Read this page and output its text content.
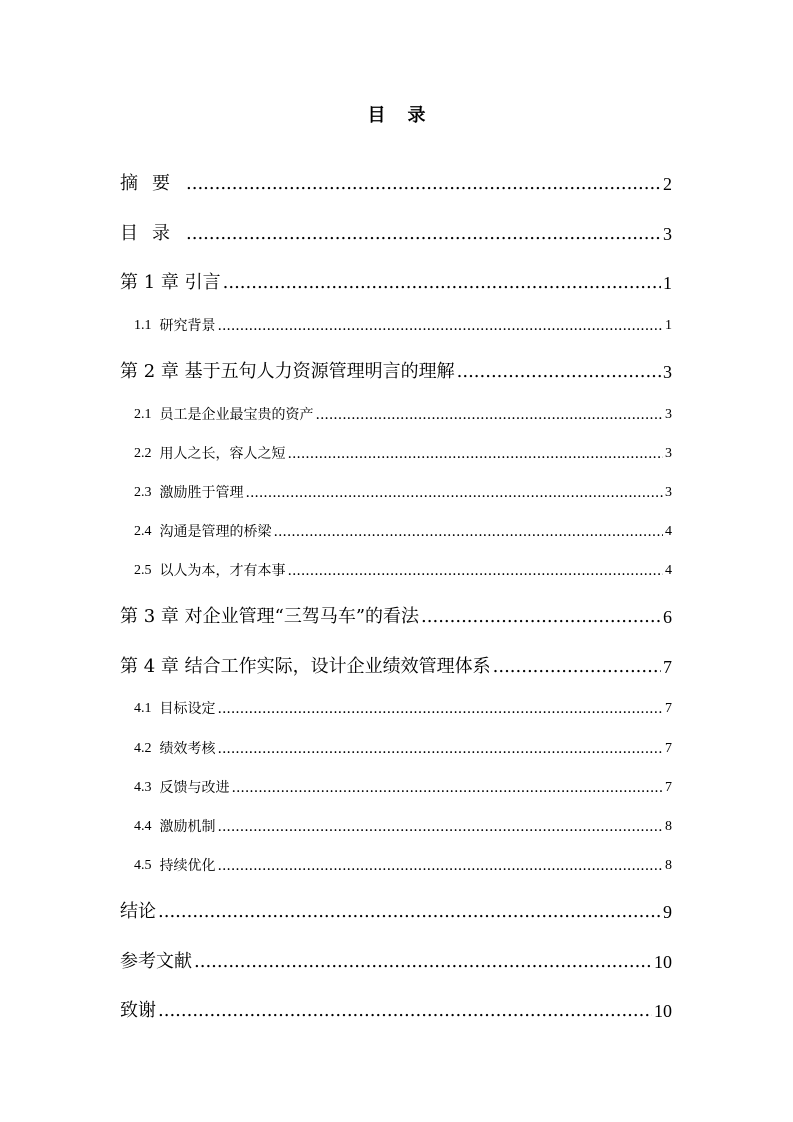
目录
摘要 .....	2
目录 .....	3
第 1 章 引言 .....	1
1.1 研究背景 .....	1
第 2 章 基于五句人力资源管理明言的理解 .....	3
2.1 员工是企业最宝贵的资产 .....	3
2.2 用人之长，容人之短 .....	3
2.3 激励胜于管理 .....	3
2.4 沟通是管理的桥梁 .....	4
2.5 以人为本，才有本事 .....	4
第 3 章 对企业管理“三驾马车”的看法 .....	6
第 4 章 结合工作实际，设计企业绩效管理体系 .....	7
4.1 目标设定 .....	7
4.2 绩效考核 .....	7
4.3 反馈与改进 .....	7
4.4 激励机制 .....	8
4.5 持续优化 .....	8
结论 .....	9
参考文献 .....	10
致谢 .....	10
